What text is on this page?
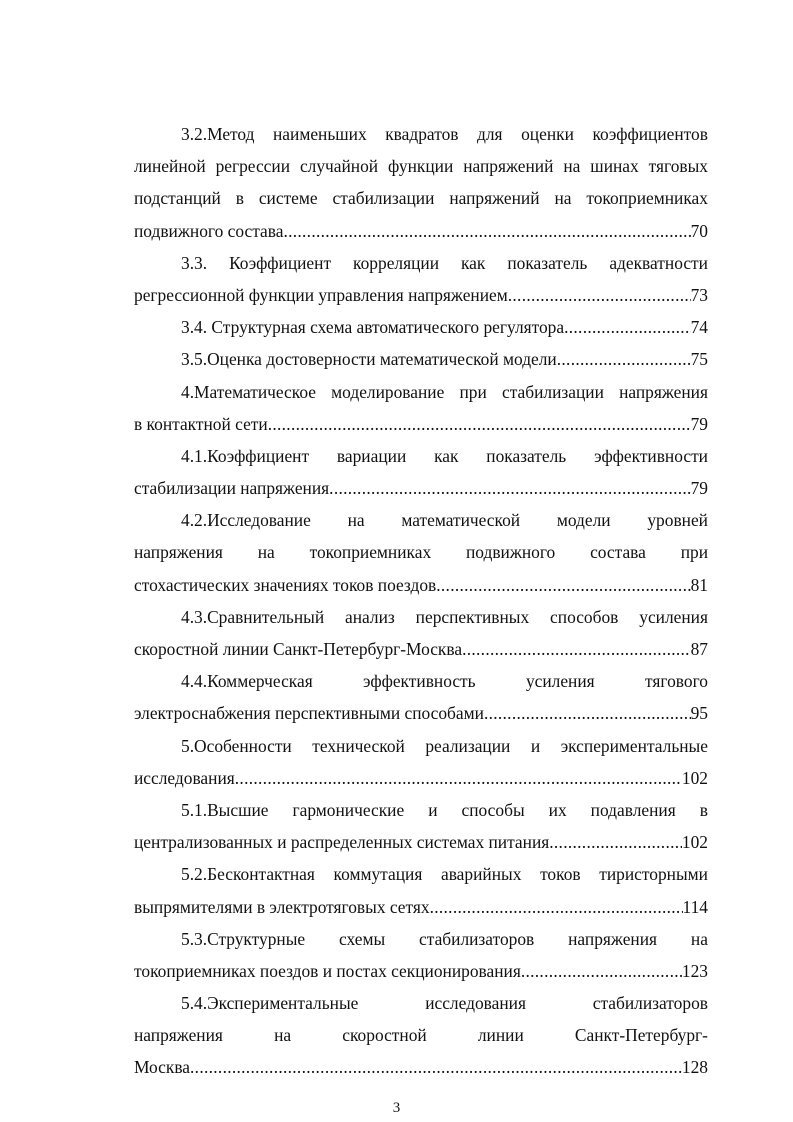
3.2.Метод наименьших квадратов для оценки коэффициентов
линейной регрессии случайной функции напряжений на шинах тяговых
подстанций в системе стабилизации напряжений на токоприемниках
подвижного состава .....	70
3.3. Коэффициент корреляции как показатель адекватности
регрессионной функции управления напряжением .....	73
3.4. Структурная схема автоматического регулятора .....	74
3.5.Оценка достоверности математической модели .....	75
4.Математическое моделирование при стабилизации напряжения
в контактной сети .....	79
4.1.Коэффициент вариации как показатель эффективности
стабилизации напряжения .....	79
4.2.Исследование на математической модели уровней
напряжения на токоприемниках подвижного состава при
стохастических значениях токов поездов .....	81
4.3.Сравнительный анализ перспективных способов усиления
скоростной линии Санкт-Петербург-Москва .....	87
4.4.Коммерческая	эффективность	усиления	тягового
электроснабжения перспективными способами .....	95
5.Особенности технической реализации и экспериментальные
исследования .....	102
5.1.Высшие гармонические и способы их подавления в
централизованных и распределенных системах питания .....	102
5.2.Бесконтактная коммутация аварийных токов тиристорными
выпрямителями в электротяговых сетях .....	114
5.3.Структурные схемы стабилизаторов напряжения на
токоприемниках поездов и постах секционирования .....	123
5.4.Экспериментальные	исследования	стабилизаторов
напряжения	на	скоростной	линии	Санкт-Петербург-
Москва .....	128
3
